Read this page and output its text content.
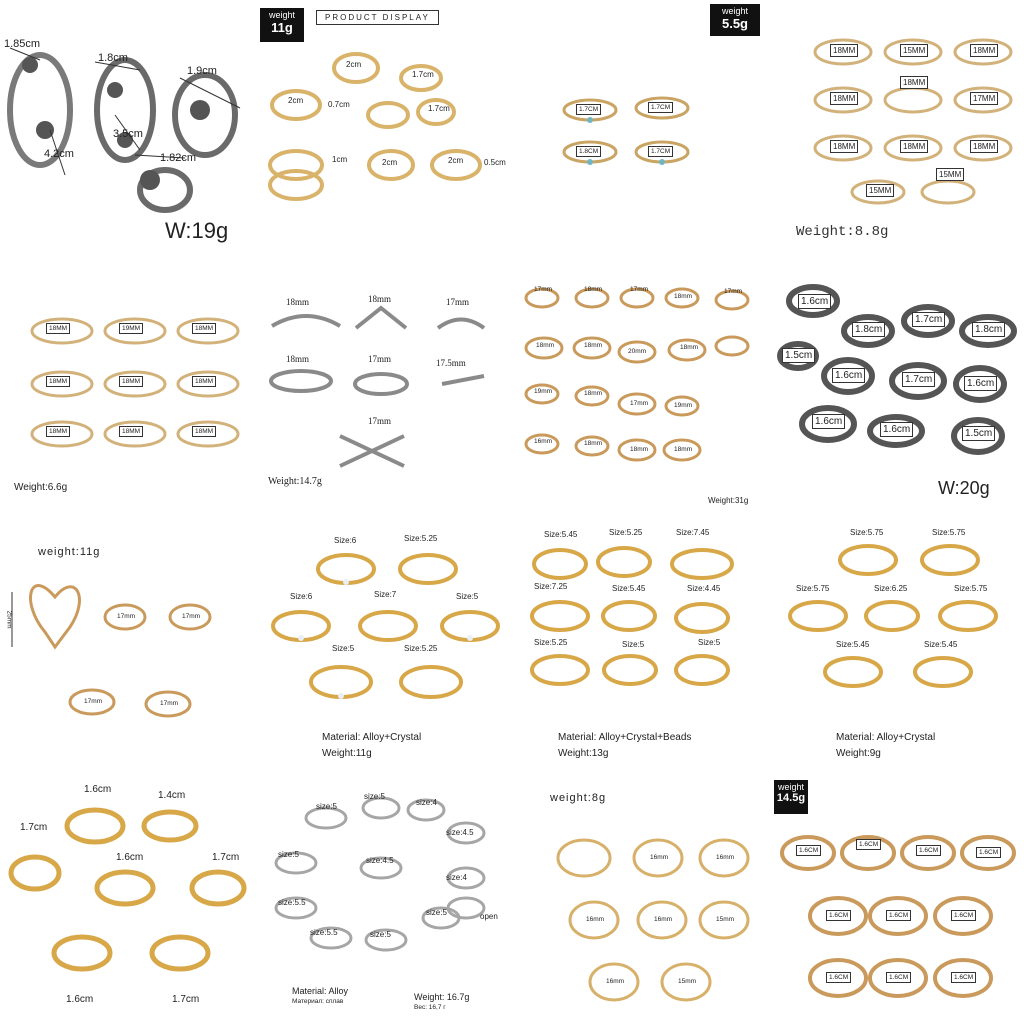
1.85cm
1.8cm
1.9cm
4.2cm
3.5cm
1.82cm
W:19g
weight
11g
PRODUCT DISPLAY
2cm
1.7cm
2cm	0.7cm	1.7cm
1cm	2cm	2cm	0.5cm
weight
5.5g
1.7CM	1.7CM
1.8CM	1.7CM
18MM	15MM	18MM
18MM
18MM
17MM
18MM	18MM	18MM
15MM
15MM
Weight:8.8g
18MM	19MM	18MM
18MM	18MM	18MM
18MM	18MM	18MM
Weight:6.6g
18mm	18mm	17mm
18mm	17mm	17.5mm
17mm
Weight:14.7g
17mm	18mm	17mm
18mm
17mm
18mm	18mm
20mm
18mm
19mm	18mm
17mm	19mm
16mm	18mm
18mm	18mm
Weight:31g
1.6cm
1.8cm
1.7cm
1.8cm
1.5cm
1.6cm	1.7cm	1.6cm
1.6cm
1.6cm	1.5cm
W:20g
weight:11g
25mm	17mm	17mm
17mm	17mm
Size:6	Size:5.25
Size:6	Size:7	Size:5
Size:5	Size:5.25
Material: Alloy+Crystal
Weight:11g
Size:5.45	Size:5.25	Size:7.45
Size:7.25	Size:5.45	Size:4.45
Size:5.25	Size:5	Size:5
Material: Alloy+Crystal+Beads
Weight:13g
Size:5.75	Size:5.75
Size:5.75	Size:6.25	Size:5.75
Size:5.45	Size:5.45
Material: Alloy+Crystal
Weight:9g
1.6cm
1.4cm
1.7cm
1.6cm	1.7cm
1.6cm	1.7cm
size:5
size:5
size:4
size:4.5
size:5
size:4.5
size:4
size:5.5
size:5.5	size:5
size:5	open
Material: Alloy
Материал: сплав	Weight: 16.7g
Вес: 16,7 г
weight:8g
16mm	16mm
16mm	16mm	15mm
16mm	15mm
weight
14.5g
1.6CM
1.6CM
1.6CM	1.6CM
1.6CM	1.6CM	1.6CM
1.6CM	1.6CM	1.6CM
